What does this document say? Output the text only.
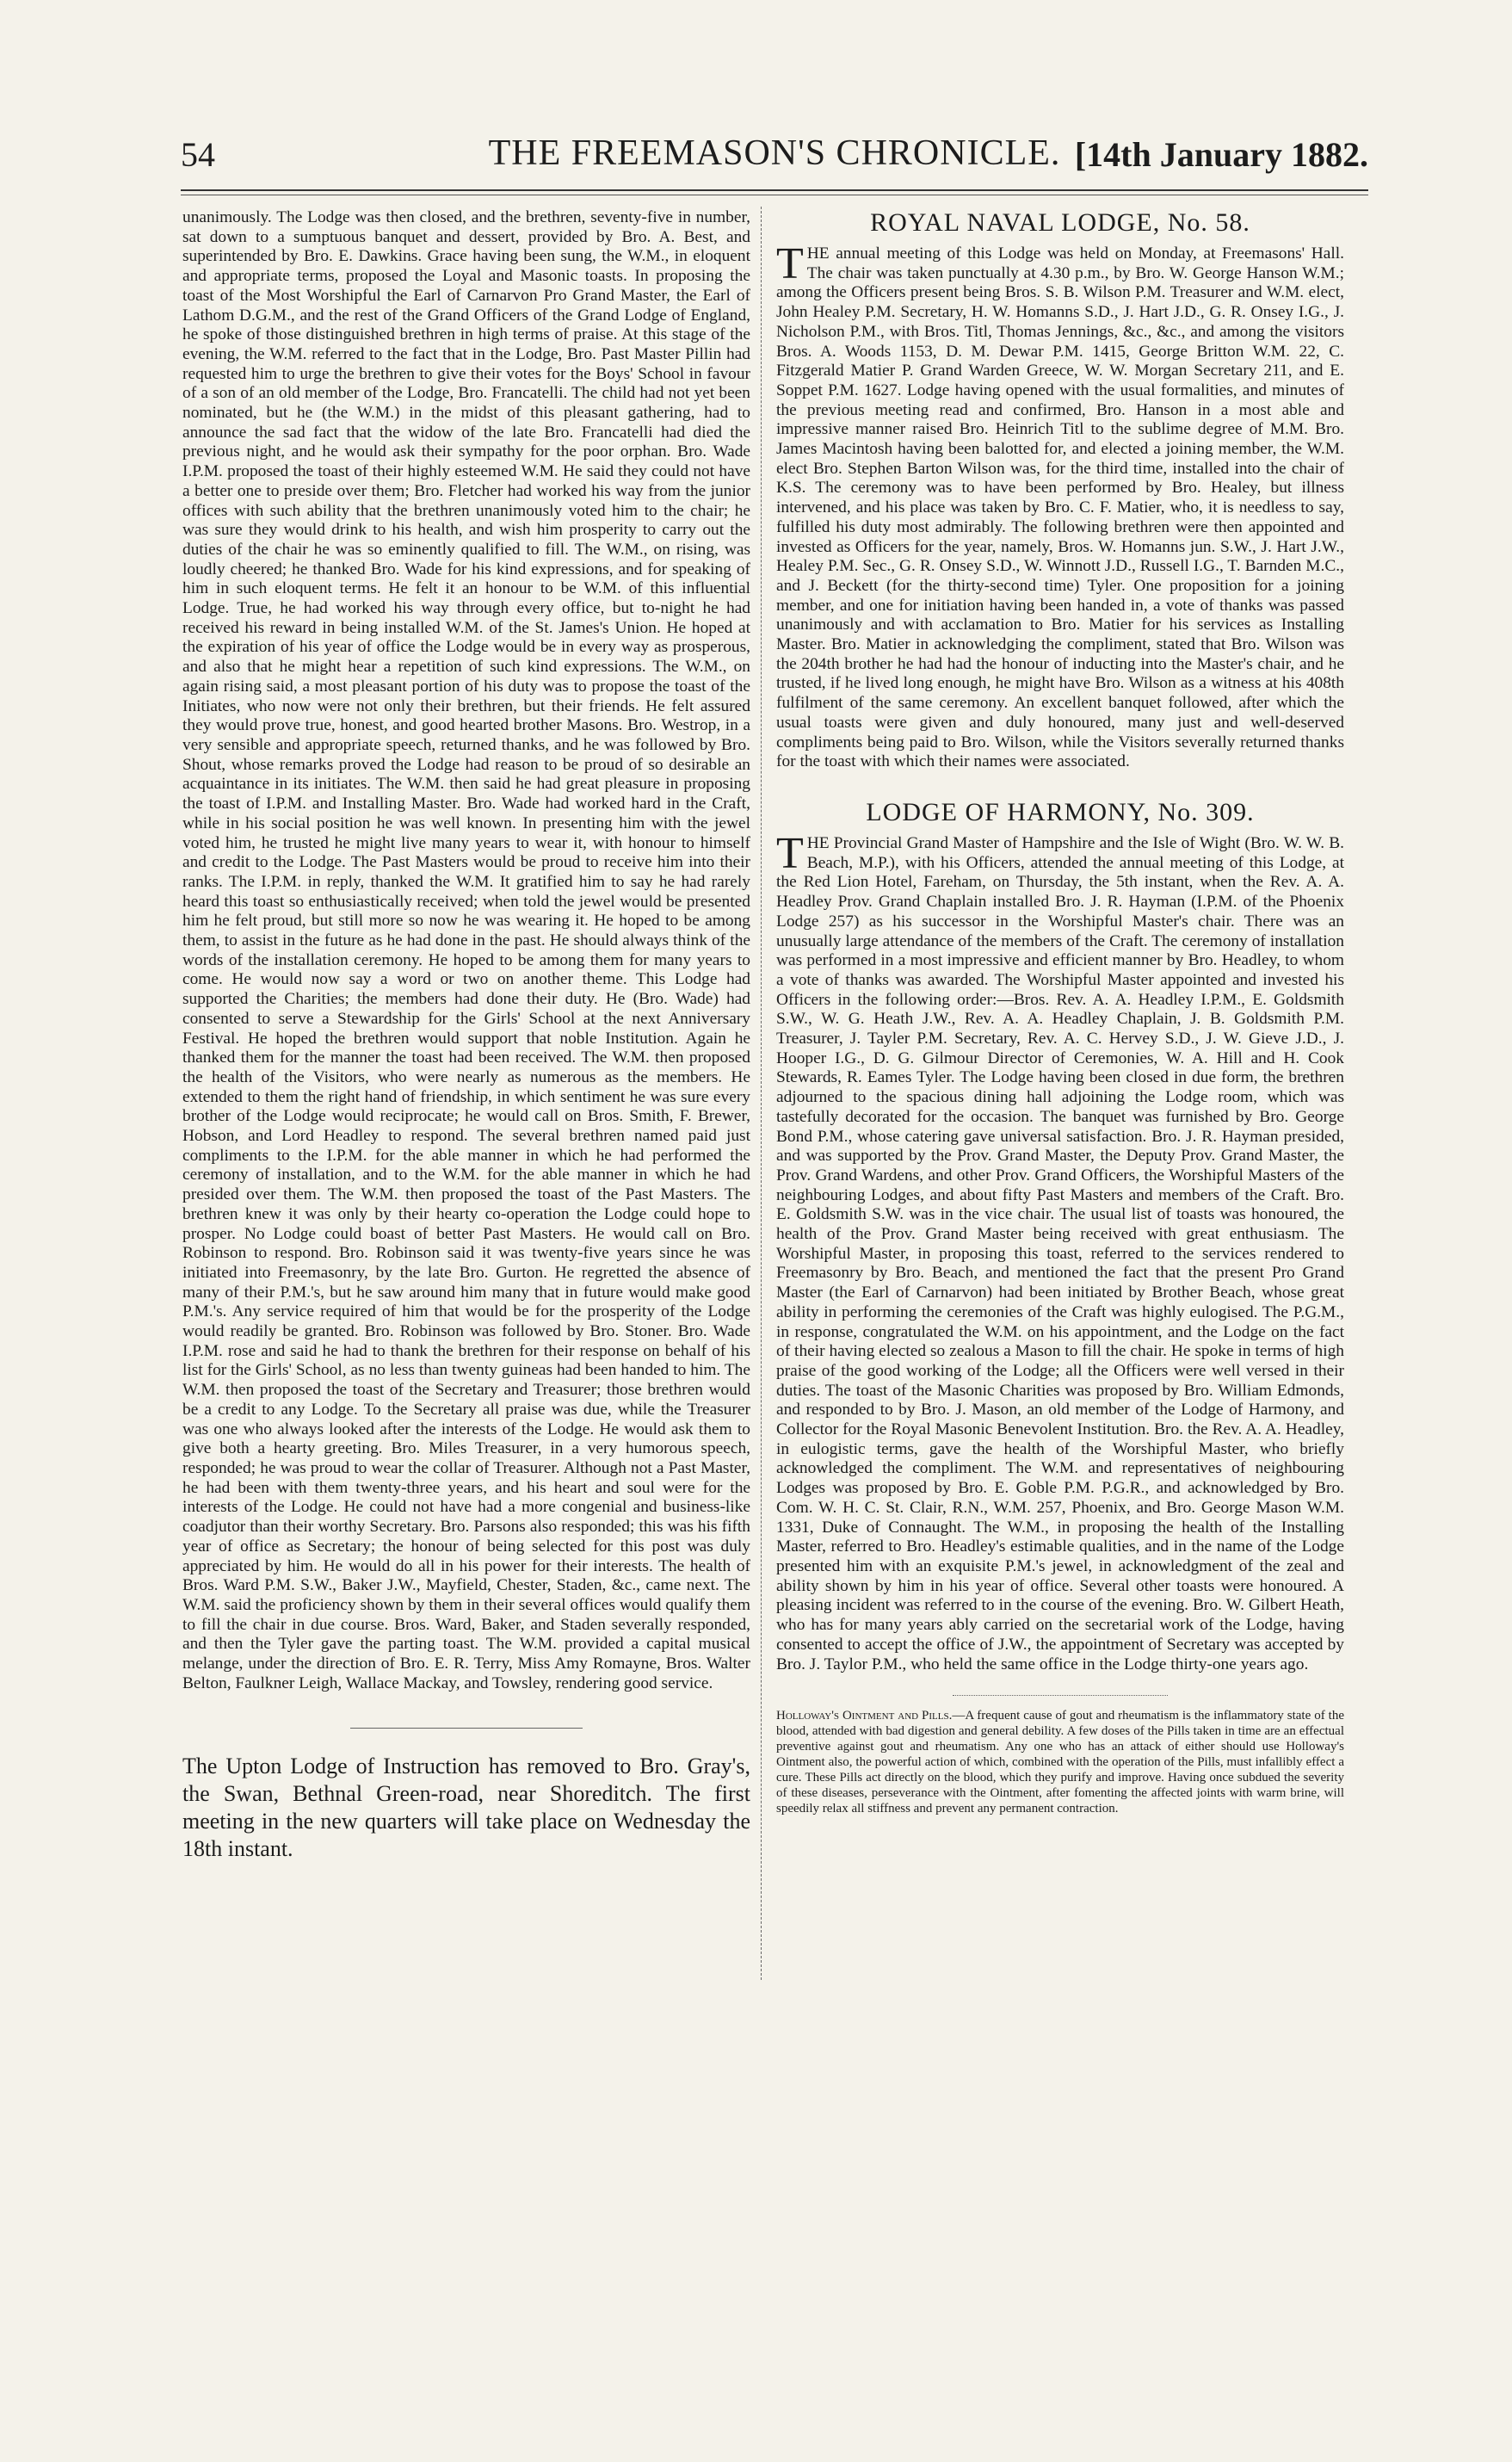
54	THE FREEMASON'S CHRONICLE. [14th January 1882.

unanimously. The Lodge was then closed, and the brethren, seventy-five in number, sat down to a sumptuous banquet and dessert, provided by Bro. A. Best, and superintended by Bro. E. Dawkins. Grace having been sung, the W.M., in eloquent and appropriate terms, proposed the Loyal and Masonic toasts. In proposing the toast of the Most Worshipful the Earl of Carnarvon Pro Grand Master, the Earl of Lathom D.G.M., and the rest of the Grand Officers of the Grand Lodge of England, he spoke of those distinguished brethren in high terms of praise. At this stage of the evening, the W.M. referred to the fact that in the Lodge, Bro. Past Master Pillin had requested him to urge the brethren to give their votes for the Boys' School in favour of a son of an old member of the Lodge, Bro. Francatelli. The child had not yet been nominated, but he (the W.M.) in the midst of this pleasant gathering, had to announce the sad fact that the widow of the late Bro. Francatelli had died the previous night, and he would ask their sympathy for the poor orphan. Bro. Wade I.P.M. proposed the toast of their highly esteemed W.M. He said they could not have a better one to preside over them; Bro. Fletcher had worked his way from the junior offices with such ability that the brethren unanimously voted him to the chair; he was sure they would drink to his health, and wish him prosperity to carry out the duties of the chair he was so eminently qualified to fill. The W.M., on rising, was loudly cheered; he thanked Bro. Wade for his kind expressions, and for speaking of him in such eloquent terms. He felt it an honour to be W.M. of this influential Lodge. True, he had worked his way through every office, but to-night he had received his reward in being installed W.M. of the St. James's Union. He hoped at the expiration of his year of office the Lodge would be in every way as prosperous, and also that he might hear a repetition of such kind expressions. The W.M., on again rising said, a most pleasant portion of his duty was to propose the toast of the Initiates, who now were not only their brethren, but their friends. He felt assured they would prove true, honest, and good hearted brother Masons. Bro. Westrop, in a very sensible and appropriate speech, returned thanks, and he was followed by Bro. Shout, whose remarks proved the Lodge had reason to be proud of so desirable an acquaintance in its initiates. The W.M. then said he had great pleasure in proposing the toast of I.P.M. and Installing Master. Bro. Wade had worked hard in the Craft, while in his social position he was well known. In presenting him with the jewel voted him, he trusted he might live many years to wear it, with honour to himself and credit to the Lodge. The Past Masters would be proud to receive him into their ranks. The I.P.M. in reply, thanked the W.M. It gratified him to say he had rarely heard this toast so enthusiastically received; when told the jewel would be presented him he felt proud, but still more so now he was wearing it. He hoped to be among them, to assist in the future as he had done in the past. He should always think of the words of the installation ceremony. He hoped to be among them for many years to come. He would now say a word or two on another theme. This Lodge had supported the Charities; the members had done their duty. He (Bro. Wade) had consented to serve a Stewardship for the Girls' School at the next Anniversary Festival. He hoped the brethren would support that noble Institution. Again he thanked them for the manner the toast had been received. The W.M. then proposed the health of the Visitors, who were nearly as numerous as the members. He extended to them the right hand of friendship, in which sentiment he was sure every brother of the Lodge would reciprocate; he would call on Bros. Smith, F. Brewer, Hobson, and Lord Headley to respond. The several brethren named paid just compliments to the I.P.M. for the able manner in which he had performed the ceremony of installation, and to the W.M. for the able manner in which he had presided over them. The W.M. then proposed the toast of the Past Masters. The brethren knew it was only by their hearty co-operation the Lodge could hope to prosper. No Lodge could boast of better Past Masters. He would call on Bro. Robinson to respond. Bro. Robinson said it was twenty-five years since he was initiated into Freemasonry, by the late Bro. Gurton. He regretted the absence of many of their P.M.'s, but he saw around him many that in future would make good P.M.'s. Any service required of him that would be for the prosperity of the Lodge would readily be granted. Bro. Robinson was followed by Bro. Stoner. Bro. Wade I.P.M. rose and said he had to thank the brethren for their response on behalf of his list for the Girls' School, as no less than twenty guineas had been handed to him. The W.M. then proposed the toast of the Secretary and Treasurer; those brethren would be a credit to any Lodge. To the Secretary all praise was due, while the Treasurer was one who always looked after the interests of the Lodge. He would ask them to give both a hearty greeting. Bro. Miles Treasurer, in a very humorous speech, responded; he was proud to wear the collar of Treasurer. Although not a Past Master, he had been with them twenty-three years, and his heart and soul were for the interests of the Lodge. He could not have had a more congenial and business-like coadjutor than their worthy Secretary. Bro. Parsons also responded; this was his fifth year of office as Secretary; the honour of being selected for this post was duly appreciated by him. He would do all in his power for their interests. The health of Bros. Ward P.M. S.W., Baker J.W., Mayfield, Chester, Staden, &c., came next. The W.M. said the proficiency shown by them in their several offices would qualify them to fill the chair in due course. Bros. Ward, Baker, and Staden severally responded, and then the Tyler gave the parting toast. The W.M. provided a capital musical melange, under the direction of Bro. E. R. Terry, Miss Amy Romayne, Bros. Walter Belton, Faulkner Leigh, Wallace Mackay, and Towsley, rendering good service.

The Upton Lodge of Instruction has removed to Bro. Gray's, the Swan, Bethnal Green-road, near Shoreditch. The first meeting in the new quarters will take place on Wednesday the 18th instant.

ROYAL NAVAL LODGE, No. 58.

THE annual meeting of this Lodge was held on Monday, at Freemasons' Hall. The chair was taken punctually at 4.30 p.m., by Bro. W. George Hanson W.M.; among the Officers present being Bros. S. B. Wilson P.M. Treasurer and W.M. elect, John Healey P.M. Secretary, H. W. Homanns S.D., J. Hart J.D., G. R. Onsey I.G., J. Nicholson P.M., with Bros. Titl, Thomas Jennings, &c., &c., and among the visitors Bros. A. Woods 1153, D. M. Dewar P.M. 1415, George Britton W.M. 22, C. Fitzgerald Matier P. Grand Warden Greece, W. W. Morgan Secretary 211, and E. Soppet P.M. 1627. Lodge having opened with the usual formalities, and minutes of the previous meeting read and confirmed, Bro. Hanson in a most able and impressive manner raised Bro. Heinrich Titl to the sublime degree of M.M. Bro. James Macintosh having been balotted for, and elected a joining member, the W.M. elect Bro. Stephen Barton Wilson was, for the third time, installed into the chair of K.S. The ceremony was to have been performed by Bro. Healey, but illness intervened, and his place was taken by Bro. C. F. Matier, who, it is needless to say, fulfilled his duty most admirably. The following brethren were then appointed and invested as Officers for the year, namely, Bros. W. Homanns jun. S.W., J. Hart J.W., Healey P.M. Sec., G. R. Onsey S.D., W. Winnott J.D., Russell I.G., T. Barnden M.C., and J. Beckett (for the thirty-second time) Tyler. One proposition for a joining member, and one for initiation having been handed in, a vote of thanks was passed unanimously and with acclamation to Bro. Matier for his services as Installing Master. Bro. Matier in acknowledging the compliment, stated that Bro. Wilson was the 204th brother he had had the honour of inducting into the Master's chair, and he trusted, if he lived long enough, he might have Bro. Wilson as a witness at his 408th fulfilment of the same ceremony. An excellent banquet followed, after which the usual toasts were given and duly honoured, many just and well-deserved compliments being paid to Bro. Wilson, while the Visitors severally returned thanks for the toast with which their names were associated.

LODGE OF HARMONY, No. 309.

THE Provincial Grand Master of Hampshire and the Isle of Wight (Bro. W. W. B. Beach, M.P.), with his Officers, attended the annual meeting of this Lodge, at the Red Lion Hotel, Fareham, on Thursday, the 5th instant, when the Rev. A. A. Headley Prov. Grand Chaplain installed Bro. J. R. Hayman (I.P.M. of the Phoenix Lodge 257) as his successor in the Worshipful Master's chair. There was an unusually large attendance of the members of the Craft. The ceremony of installation was performed in a most impressive and efficient manner by Bro. Headley, to whom a vote of thanks was awarded. The Worshipful Master appointed and invested his Officers in the following order:—Bros. Rev. A. A. Headley I.P.M., E. Goldsmith S.W., W. G. Heath J.W., Rev. A. A. Headley Chaplain, J. B. Goldsmith P.M. Treasurer, J. Tayler P.M. Secretary, Rev. A. C. Hervey S.D., J. W. Gieve J.D., J. Hooper I.G., D. G. Gilmour Director of Ceremonies, W. A. Hill and H. Cook Stewards, R. Eames Tyler. The Lodge having been closed in due form, the brethren adjourned to the spacious dining hall adjoining the Lodge room, which was tastefully decorated for the occasion. The banquet was furnished by Bro. George Bond P.M., whose catering gave universal satisfaction. Bro. J. R. Hayman presided, and was supported by the Prov. Grand Master, the Deputy Prov. Grand Master, the Prov. Grand Wardens, and other Prov. Grand Officers, the Worshipful Masters of the neighbouring Lodges, and about fifty Past Masters and members of the Craft. Bro. E. Goldsmith S.W. was in the vice chair. The usual list of toasts was honoured, the health of the Prov. Grand Master being received with great enthusiasm. The Worshipful Master, in proposing this toast, referred to the services rendered to Freemasonry by Bro. Beach, and mentioned the fact that the present Pro Grand Master (the Earl of Carnarvon) had been initiated by Brother Beach, whose great ability in performing the ceremonies of the Craft was highly eulogised. The P.G.M., in response, congratulated the W.M. on his appointment, and the Lodge on the fact of their having elected so zealous a Mason to fill the chair. He spoke in terms of high praise of the good working of the Lodge; all the Officers were well versed in their duties. The toast of the Masonic Charities was proposed by Bro. William Edmonds, and responded to by Bro. J. Mason, an old member of the Lodge of Harmony, and Collector for the Royal Masonic Benevolent Institution. Bro. the Rev. A. A. Headley, in eulogistic terms, gave the health of the Worshipful Master, who briefly acknowledged the compliment. The W.M. and representatives of neighbouring Lodges was proposed by Bro. E. Goble P.M. P.G.R., and acknowledged by Bro. Com. W. H. C. St. Clair, R.N., W.M. 257, Phoenix, and Bro. George Mason W.M. 1331, Duke of Connaught. The W.M., in proposing the health of the Installing Master, referred to Bro. Headley's estimable qualities, and in the name of the Lodge presented him with an exquisite P.M.'s jewel, in acknowledgment of the zeal and ability shown by him in his year of office. Several other toasts were honoured. A pleasing incident was referred to in the course of the evening. Bro. W. Gilbert Heath, who has for many years ably carried on the secretarial work of the Lodge, having consented to accept the office of J.W., the appointment of Secretary was accepted by Bro. J. Taylor P.M., who held the same office in the Lodge thirty-one years ago.

Holloway's Ointment and Pills.—A frequent cause of gout and rheumatism is the inflammatory state of the blood, attended with bad digestion and general debility. A few doses of the Pills taken in time are an effectual preventive against gout and rheumatism. Any one who has an attack of either should use Holloway's Ointment also, the powerful action of which, combined with the operation of the Pills, must infallibly effect a cure. These Pills act directly on the blood, which they purify and improve. Having once subdued the severity of these diseases, perseverance with the Ointment, after fomenting the affected joints with warm brine, will speedily relax all stiffness and prevent any permanent contraction.
